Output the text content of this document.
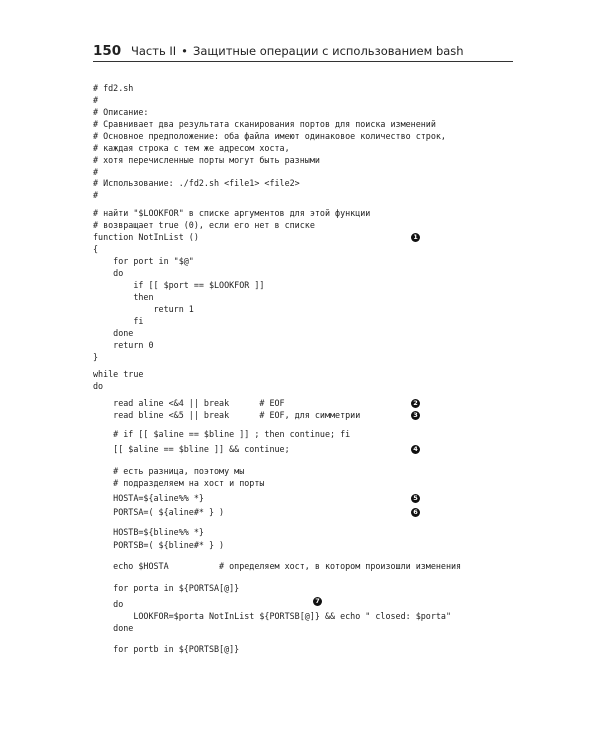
150 Часть II • Защитные операции с использованием bash
# fd2.sh
#
# Описание:
# Сравнивает два результата сканирования портов для поиска изменений
# Основное предположение: оба файла имеют одинаковое количество строк,
# каждая строка с тем же адресом хоста,
# хотя перечисленные порты могут быть разными
#
# Использование: ./fd2.sh <file1> <file2>
#
# найти "$LOOKFOR" в списке аргументов для этой функции
# возвращает true (0), если его нет в списке
function NotInList ()
{
for port in "$@"
do
if [[ $port == $LOOKFOR ]]
then
return 1
fi
done
return 0
}
while true
do
read aline <&4 || break      # EOF
read bline <&5 || break      # EOF, для симметрии
# if [[ $aline == $bline ]] ; then continue; fi
[[ $aline == $bline ]] && continue;
# есть разница, поэтому мы
# подразделяем на хост и порты
HOSTA=${aline%% *}
PORTSA=( ${aline#* } )
HOSTB=${bline%% *}
PORTSB=( ${bline#* } )
echo $HOSTA          # определяем хост, в котором произошли изменения
for porta in ${PORTSA[@]}
do
LOOKFOR=$porta NotInList ${PORTSB[@]} && echo " closed: $porta"
done
for portb in ${PORTSB[@]}
1
2
3
4
5
6
7
